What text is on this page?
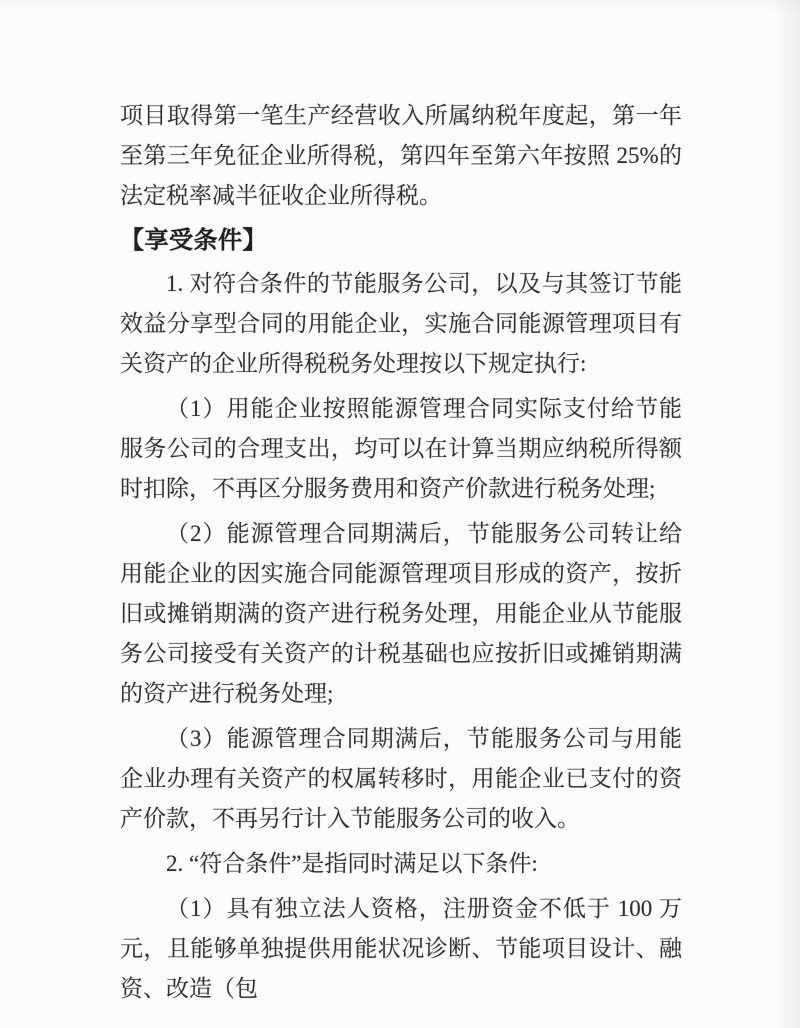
项目取得第一笔生产经营收入所属纳税年度起，第一年至第三年免征企业所得税，第四年至第六年按照 25%的法定税率减半征收企业所得税。

【享受条件】

1. 对符合条件的节能服务公司，以及与其签订节能效益分享型合同的用能企业，实施合同能源管理项目有关资产的企业所得税税务处理按以下规定执行:

（1）用能企业按照能源管理合同实际支付给节能服务公司的合理支出，均可以在计算当期应纳税所得额时扣除，不再区分服务费用和资产价款进行税务处理;

（2）能源管理合同期满后，节能服务公司转让给用能企业的因实施合同能源管理项目形成的资产，按折旧或摊销期满的资产进行税务处理，用能企业从节能服务公司接受有关资产的计税基础也应按折旧或摊销期满的资产进行税务处理;

（3）能源管理合同期满后，节能服务公司与用能企业办理有关资产的权属转移时，用能企业已支付的资产价款，不再另行计入节能服务公司的收入。

2. “符合条件”是指同时满足以下条件:

（1）具有独立法人资格，注册资金不低于 100 万元，且能够单独提供用能状况诊断、节能项目设计、融资、改造（包
